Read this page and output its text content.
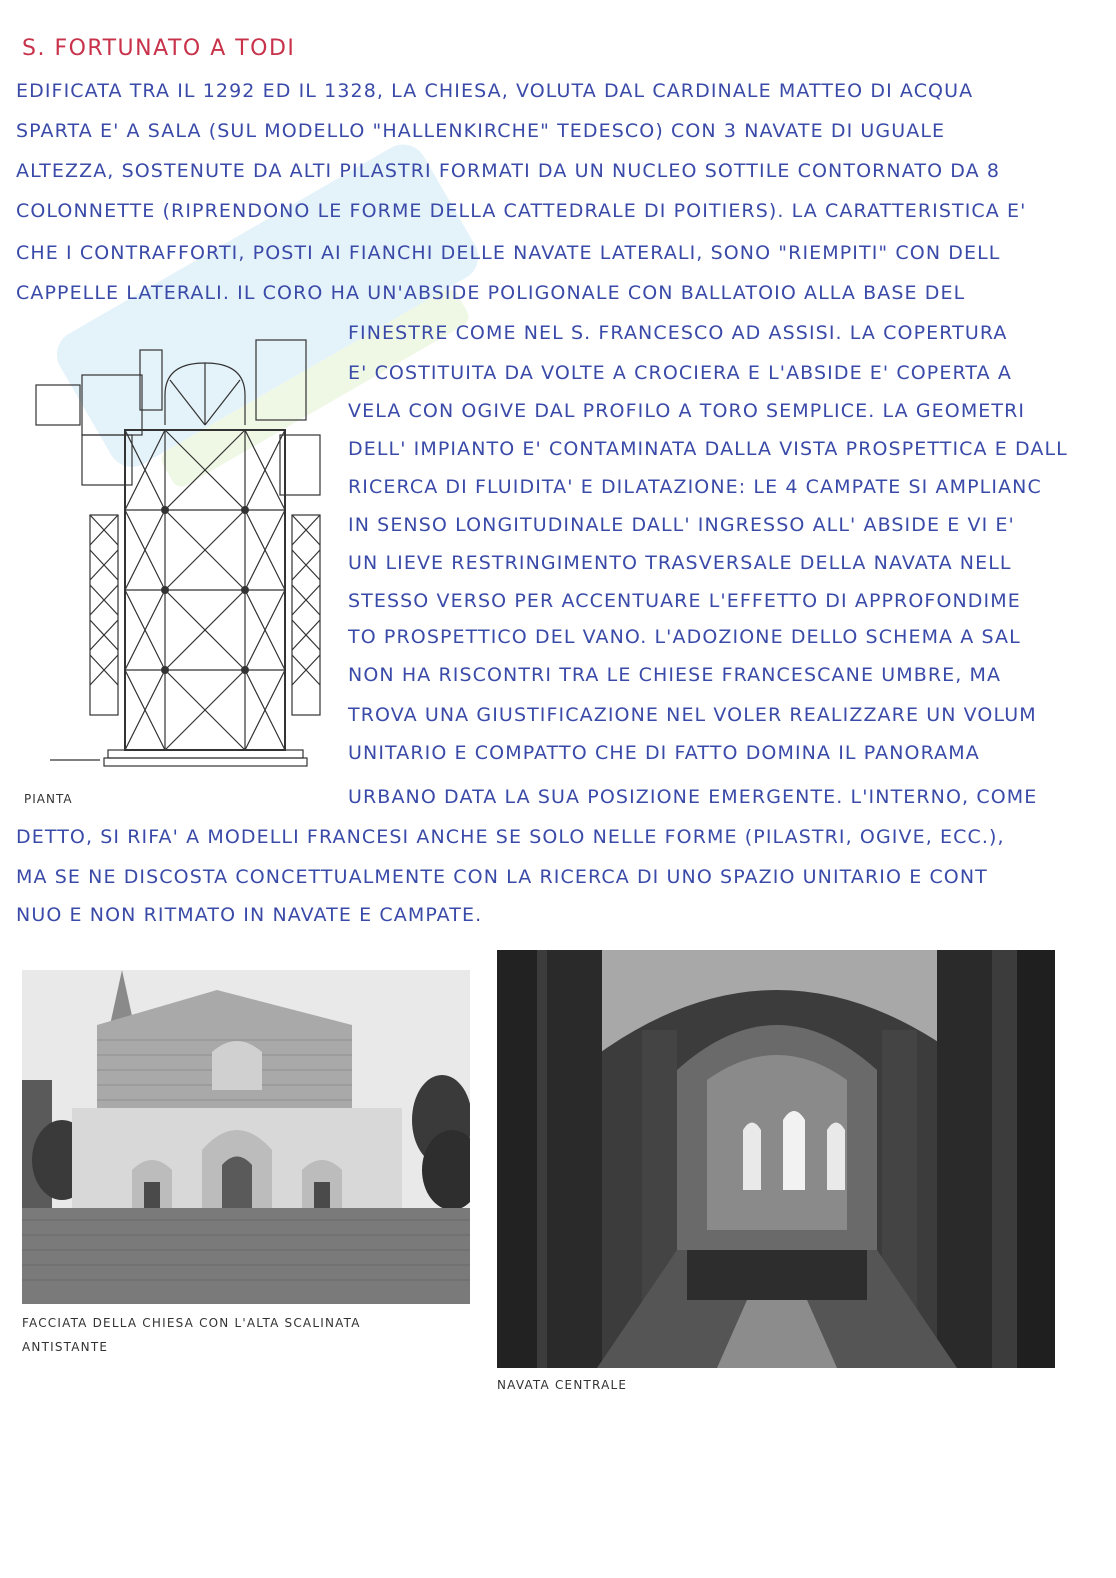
S. FORTUNATO A TODI
EDIFICATA TRA IL 1292 ED IL 1328, LA CHIESA, VOLUTA DAL CARDINALE MATTEO DI ACQUA
SPARTA E' A SALA (SUL MODELLO "HALLENKIRCHE" TEDESCO) CON 3 NAVATE DI UGUALE
ALTEZZA, SOSTENUTE DA ALTI PILASTRI FORMATI DA UN NUCLEO SOTTILE CONTORNATO DA 8
COLONNETTE (RIPRENDONO LE FORME DELLA CATTEDRALE DI POITIERS). LA CARATTERISTICA E'
CHE I CONTRAFFORTI, POSTI AI FIANCHI DELLE NAVATE LATERALI, SONO "RIEMPITI" CON DELL
CAPPELLE LATERALI. IL CORO HA UN'ABSIDE POLIGONALE CON BALLATOIO ALLA BASE DEL
FINESTRE COME NEL S. FRANCESCO AD ASSISI. LA COPERTURA
E' COSTITUITA DA VOLTE A CROCIERA E L'ABSIDE E' COPERTA A
VELA CON OGIVE DAL PROFILO A TORO SEMPLICE. LA GEOMETRI
DELL' IMPIANTO E' CONTAMINATA DALLA VISTA PROSPETTICA E DALL
RICERCA DI FLUIDITA' E DILATAZIONE: LE 4 CAMPATE SI AMPLIANC
IN SENSO LONGITUDINALE DALL' INGRESSO ALL' ABSIDE E VI E'
UN LIEVE RESTRINGIMENTO TRASVERSALE DELLA NAVATA NELL
STESSO VERSO PER ACCENTUARE L'EFFETTO DI APPROFONDIME
TO PROSPETTICO DEL VANO. L'ADOZIONE DELLO SCHEMA A SAL
NON HA RISCONTRI TRA LE CHIESE FRANCESCANE UMBRE, MA
TROVA UNA GIUSTIFICAZIONE NEL VOLER REALIZZARE UN VOLUM
UNITARIO E COMPATTO CHE DI FATTO DOMINA IL PANORAMA
URBANO DATA LA SUA POSIZIONE EMERGENTE. L'INTERNO, COME
DETTO, SI RIFA' A MODELLI FRANCESI ANCHE SE SOLO NELLE FORME (PILASTRI, OGIVE, ECC.),
MA SE NE DISCOSTA CONCETTUALMENTE CON LA RICERCA DI UNO SPAZIO UNITARIO E CONT
NUO E NON RITMATO IN NAVATE E CAMPATE.
PIANTA
FACCIATA DELLA CHIESA CON L'ALTA SCALINATA
ANTISTANTE
NAVATA CENTRALE
